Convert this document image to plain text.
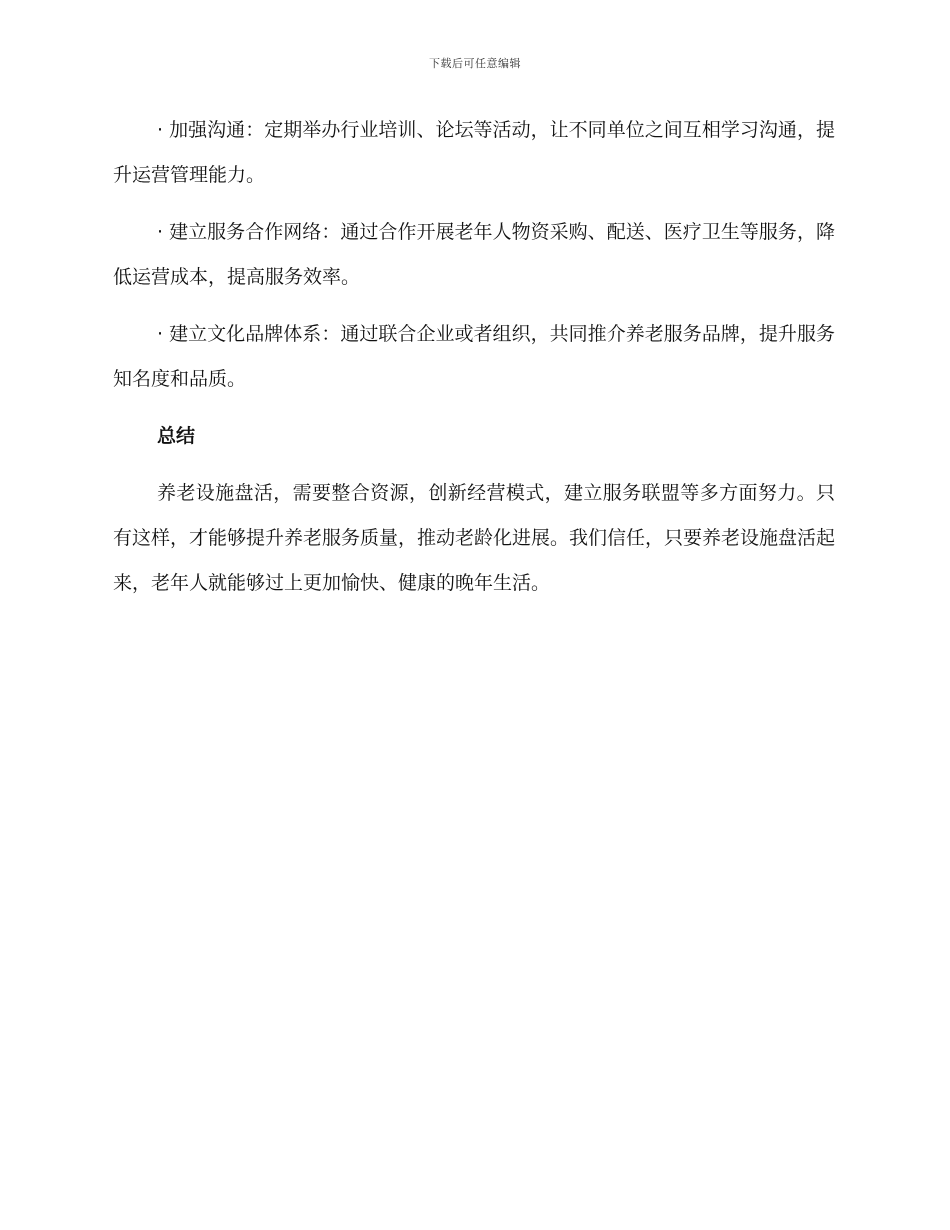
下载后可任意编辑

· 加强沟通：定期举办行业培训、论坛等活动，让不同单位之间互相学习沟通，提升运营管理能力。

· 建立服务合作网络：通过合作开展老年人物资采购、配送、医疗卫生等服务，降低运营成本，提高服务效率。

· 建立文化品牌体系：通过联合企业或者组织，共同推介养老服务品牌，提升服务知名度和品质。

总结

养老设施盘活，需要整合资源，创新经营模式，建立服务联盟等多方面努力。只有这样，才能够提升养老服务质量，推动老龄化进展。我们信任，只要养老设施盘活起来，老年人就能够过上更加愉快、健康的晚年生活。
